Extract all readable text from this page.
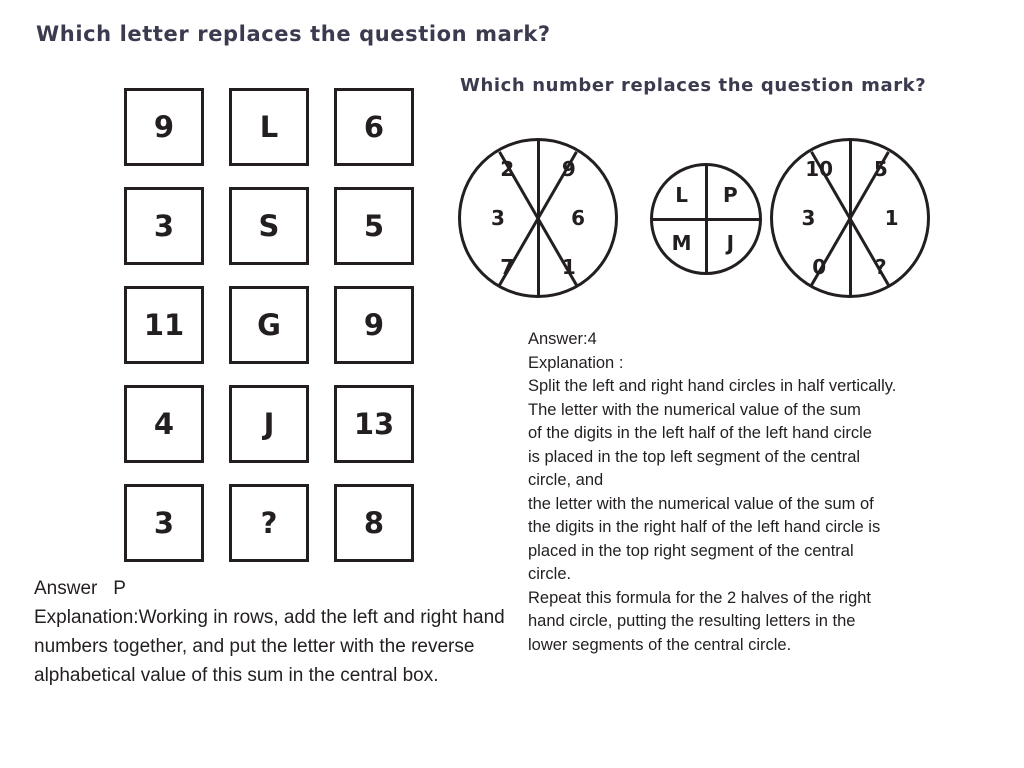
Which letter replaces the question mark?
Which number replaces the question mark?
9	L	6
3	S	5
11	G	9
4	J	13
3	?	8
2 9
6
1
7
3
L P
J
M
10 5
1
?
0
3
Answer:4
Explanation :
Split the left and right hand circles in half vertically.
The letter with the numerical value of the sum
of the digits in the left half of the left hand circle
is placed in the top left segment of the central
circle, and
the letter with the numerical value of the sum of
the digits in the right half of the left hand circle is
placed in the top right segment of the central
circle.
Repeat this formula for the 2 halves of the right
hand circle, putting the resulting letters in the
lower segments of the central circle.
Answer   P
Explanation:Working in rows, add the left and right hand numbers together, and put the letter with the reverse alphabetical value of this sum in the central box.
